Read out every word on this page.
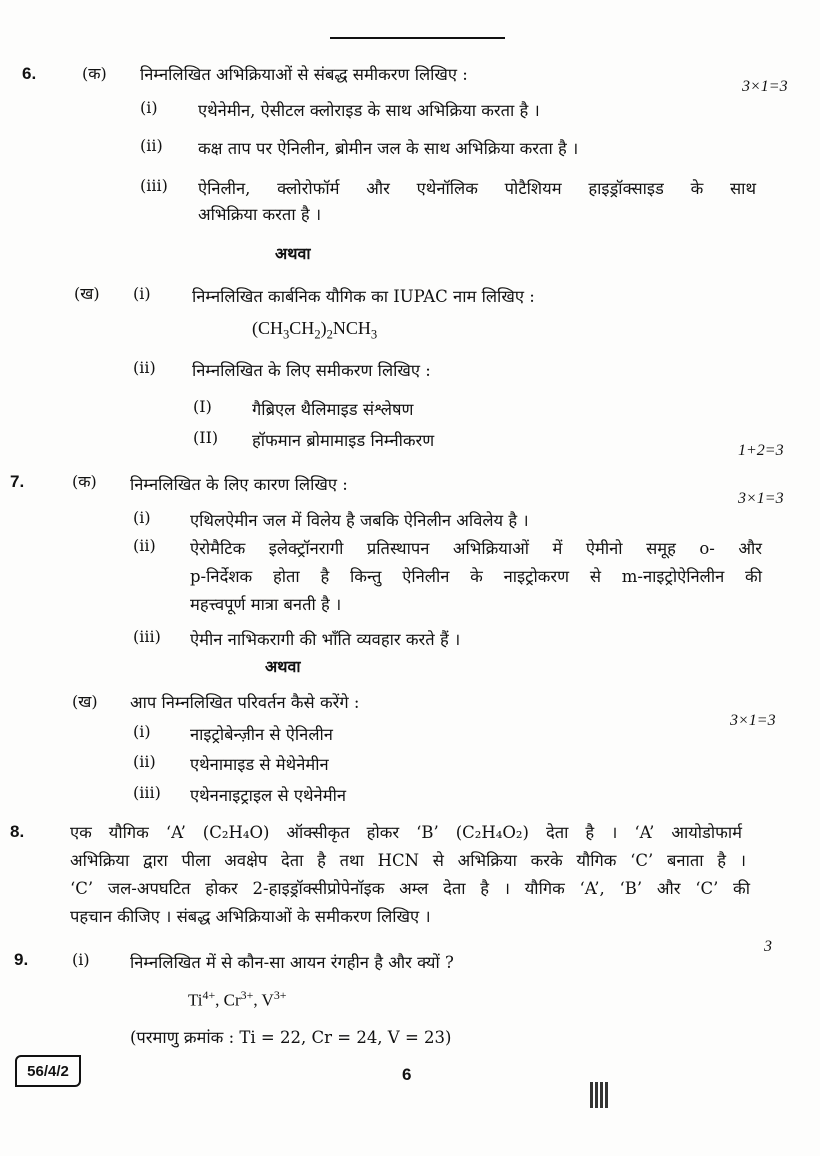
6.	(क) निम्नलिखित अभिक्रियाओं से संबद्ध समीकरण लिखिए :
3×1=3
(i) एथेनेमीन, ऐसीटल क्लोराइड के साथ अभिक्रिया करता है ।
(ii) कक्ष ताप पर ऐनिलीन, ब्रोमीन जल के साथ अभिक्रिया करता है ।
(iii) ऐनिलीन, क्लोरोफॉर्म और एथेनॉलिक पोटैशियम हाइड्रॉक्साइड के साथ
अभिक्रिया करता है ।
अथवा
(ख) (i)	निम्नलिखित कार्बनिक यौगिक का IUPAC नाम लिखिए :
$(CH_3CH_2)_2NCH_3$
(ii) निम्नलिखित के लिए समीकरण लिखिए :
(I) गैब्रिएल थैलिमाइड संश्लेषण
(II) हॉफमान ब्रोमामाइड निम्नीकरण
1+2=3
7.	(क) निम्नलिखित के लिए कारण लिखिए :
3×1=3
(i) एथिलऐमीन जल में विलेय है जबकि ऐनिलीन अविलेय है ।
(ii) ऐरोमैटिक इलेक्ट्रॉनरागी प्रतिस्थापन अभिक्रियाओं में ऐमीनो समूह o- और
p-निर्देशक होता है किन्तु ऐनिलीन के नाइट्रोकरण से m-नाइट्रोऐनिलीन की
महत्त्वपूर्ण मात्रा बनती है ।
(iii) ऐमीन नाभिकरागी की भाँति व्यवहार करते हैं ।
अथवा
(ख) आप निम्नलिखित परिवर्तन कैसे करेंगे :
3×1=3
(i) नाइट्रोबेन्ज़ीन से ऐनिलीन
(ii) एथेनामाइड से मेथेनेमीन
(iii) एथेननाइट्राइल से एथेनेमीन
8.	एक यौगिक ‘A’ (C₂H₄O) ऑक्सीकृत होकर ‘B’ (C₂H₄O₂) देता है । ‘A’ आयोडोफार्म
अभिक्रिया द्वारा पीला अवक्षेप देता है तथा HCN से अभिक्रिया करके यौगिक ‘C’ बनाता है ।
‘C’ जल-अपघटित होकर 2-हाइड्रॉक्सीप्रोपेनॉइक अम्ल देता है । यौगिक ‘A’, ‘B’ और ‘C’ की
पहचान कीजिए । संबद्ध अभिक्रियाओं के समीकरण लिखिए ।
3
9.	(i) निम्नलिखित में से कौन-सा आयन रंगहीन है और क्यों ?
$Ti^{4+}$, $Cr^{3+}$, $V^{3+}$
(परमाणु क्रमांक : Ti = 22, Cr = 24, V = 23)
56/4/2	6
